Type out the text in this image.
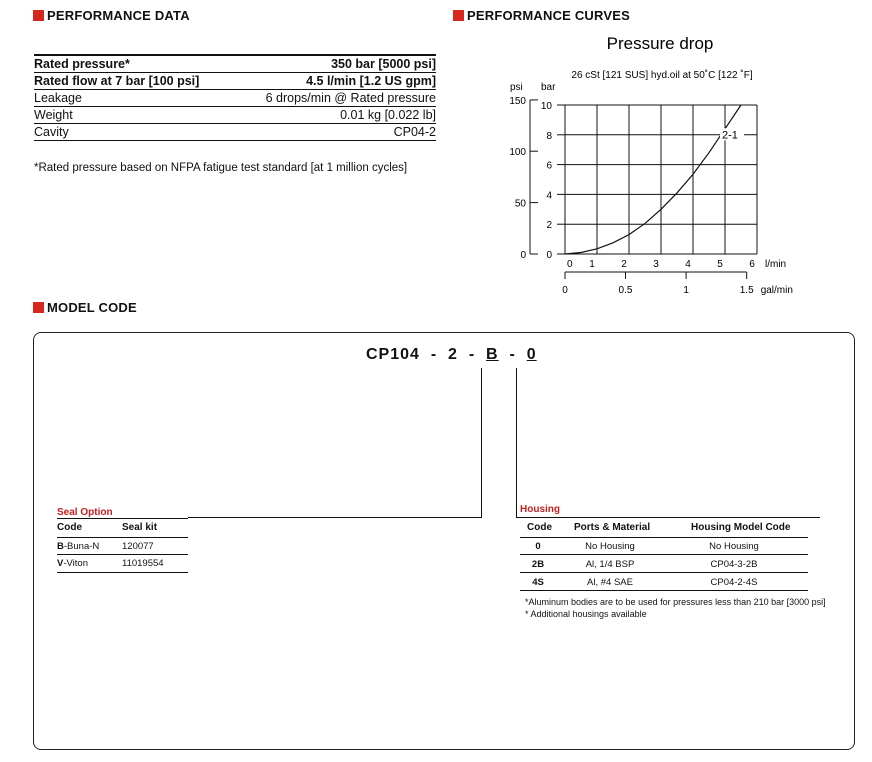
PERFORMANCE DATA	PERFORMANCE CURVES
MODEL CODE
Rated pressure*	350 bar [5000 psi]
Rated flow at 7 bar [100 psi]	4.5 l/min [1.2 US gpm]
Leakage	6 drops/min @ Rated pressure
Weight	0.01 kg [0.022 lb]
Cavity	CP04-2
*Rated pressure based on NFPA fatigue test standard [at 1 million cycles]
Pressure drop
26 cSt [121 SUS] hyd.oil at 50˚C [122 ˚F]
psi bar
0
2
4
6
8
10
0
50
100
150
0 1	2	3	4	5	6 l/min
0	0.5	1	1.5 gal/min
2-1
CP104  -  2  -  B  -  0
Seal Option
Code	Seal kit
B-Buna-N 120077
V-Viton	11019554
Housing
Code Ports & Material	Housing Model Code
0	No Housing	No Housing
2B	Al, 1/4 BSP	CP04-3-2B
4S	Al, #4 SAE	CP04-2-4S
*Aluminum bodies are to be used for pressures less than 210 bar [3000 psi]
* Additional housings available
